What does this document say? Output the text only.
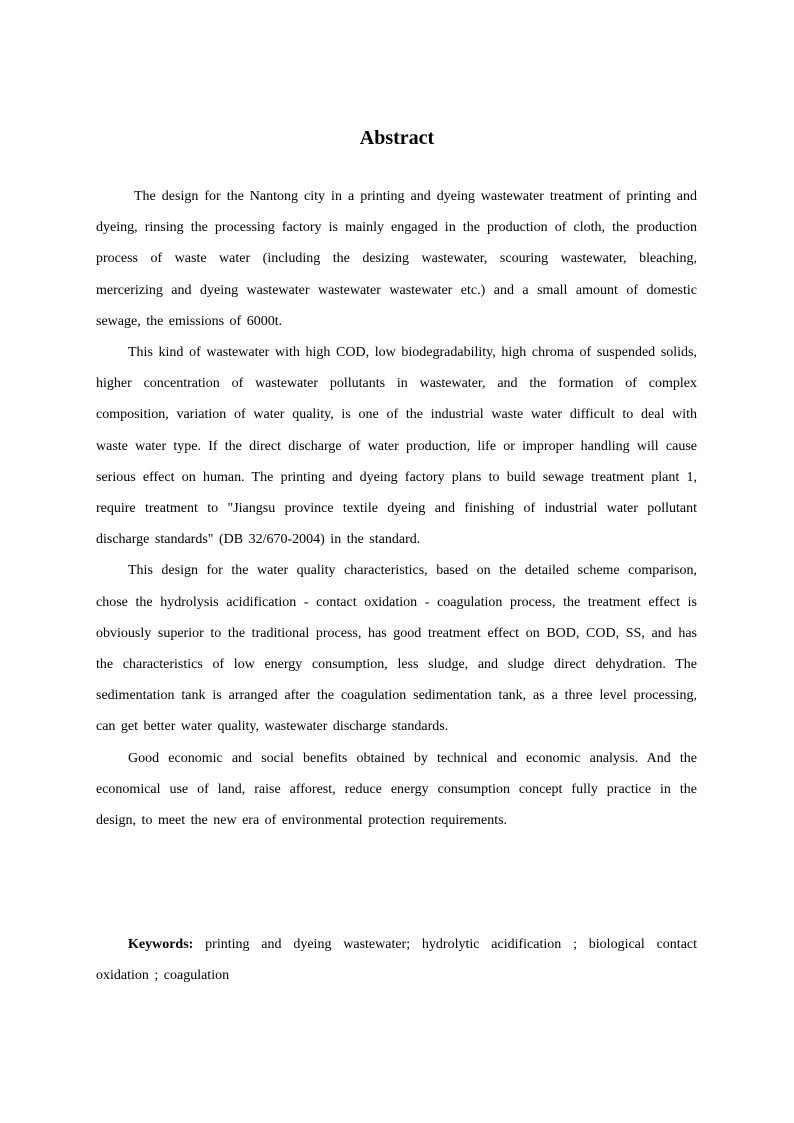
Abstract

The design for the Nantong city in a printing and dyeing wastewater treatment of printing and dyeing, rinsing the processing factory is mainly engaged in the production of cloth, the production process of waste water (including the desizing wastewater, scouring wastewater, bleaching, mercerizing and dyeing wastewater wastewater wastewater etc.) and a small amount of domestic sewage, the emissions of 6000t.

This kind of wastewater with high COD, low biodegradability, high chroma of suspended solids, higher concentration of wastewater pollutants in wastewater, and the formation of complex composition, variation of water quality, is one of the industrial waste water difficult to deal with waste water type. If the direct discharge of water production, life or improper handling will cause serious effect on human. The printing and dyeing factory plans to build sewage treatment plant 1, require treatment to "Jiangsu province textile dyeing and finishing of industrial water pollutant discharge standards" (DB 32/670-2004) in the standard.

This design for the water quality characteristics, based on the detailed scheme comparison, chose the hydrolysis acidification - contact oxidation - coagulation process, the treatment effect is obviously superior to the traditional process, has good treatment effect on BOD, COD, SS, and has the characteristics of low energy consumption, less sludge, and sludge direct dehydration. The sedimentation tank is arranged after the coagulation sedimentation tank, as a three level processing, can get better water quality, wastewater discharge standards.

Good economic and social benefits obtained by technical and economic analysis. And the economical use of land, raise afforest, reduce energy consumption concept fully practice in the design, to meet the new era of environmental protection requirements.

Keywords: printing and dyeing wastewater; hydrolytic acidification ; biological contact oxidation ; coagulation
